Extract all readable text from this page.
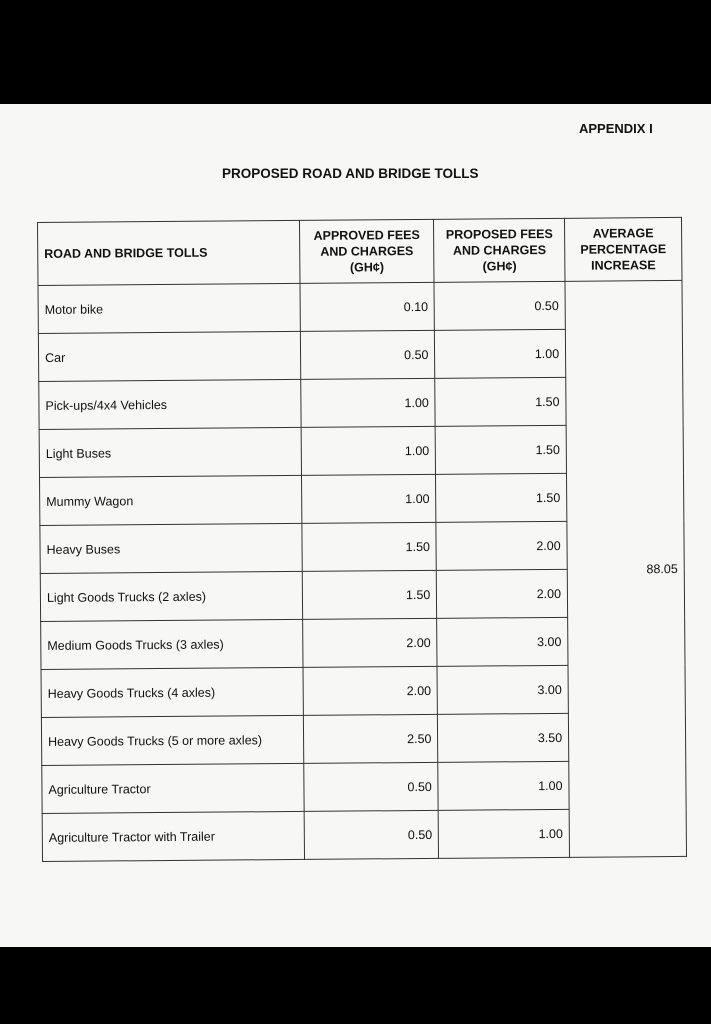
APPENDIX I
PROPOSED ROAD AND BRIDGE TOLLS
ROAD AND BRIDGE TOLLS	APPROVED FEES AND CHARGES (GH¢)	PROPOSED FEES AND CHARGES (GH¢)	AVERAGE PERCENTAGE INCREASE
Motor bike	0.10	0.50	88.05
Car	0.50	1.00	
Pick-ups/4x4 Vehicles	1.00	1.50	
Light Buses	1.00	1.50	
Mummy Wagon	1.00	1.50	
Heavy Buses	1.50	2.00	
Light Goods Trucks (2 axles)	1.50	2.00	
Medium Goods Trucks (3 axles)	2.00	3.00	
Heavy Goods Trucks (4 axles)	2.00	3.00	
Heavy Goods Trucks (5 or more axles)	2.50	3.50	
Agriculture Tractor	0.50	1.00	
Agriculture Tractor with Trailer	0.50	1.00	
